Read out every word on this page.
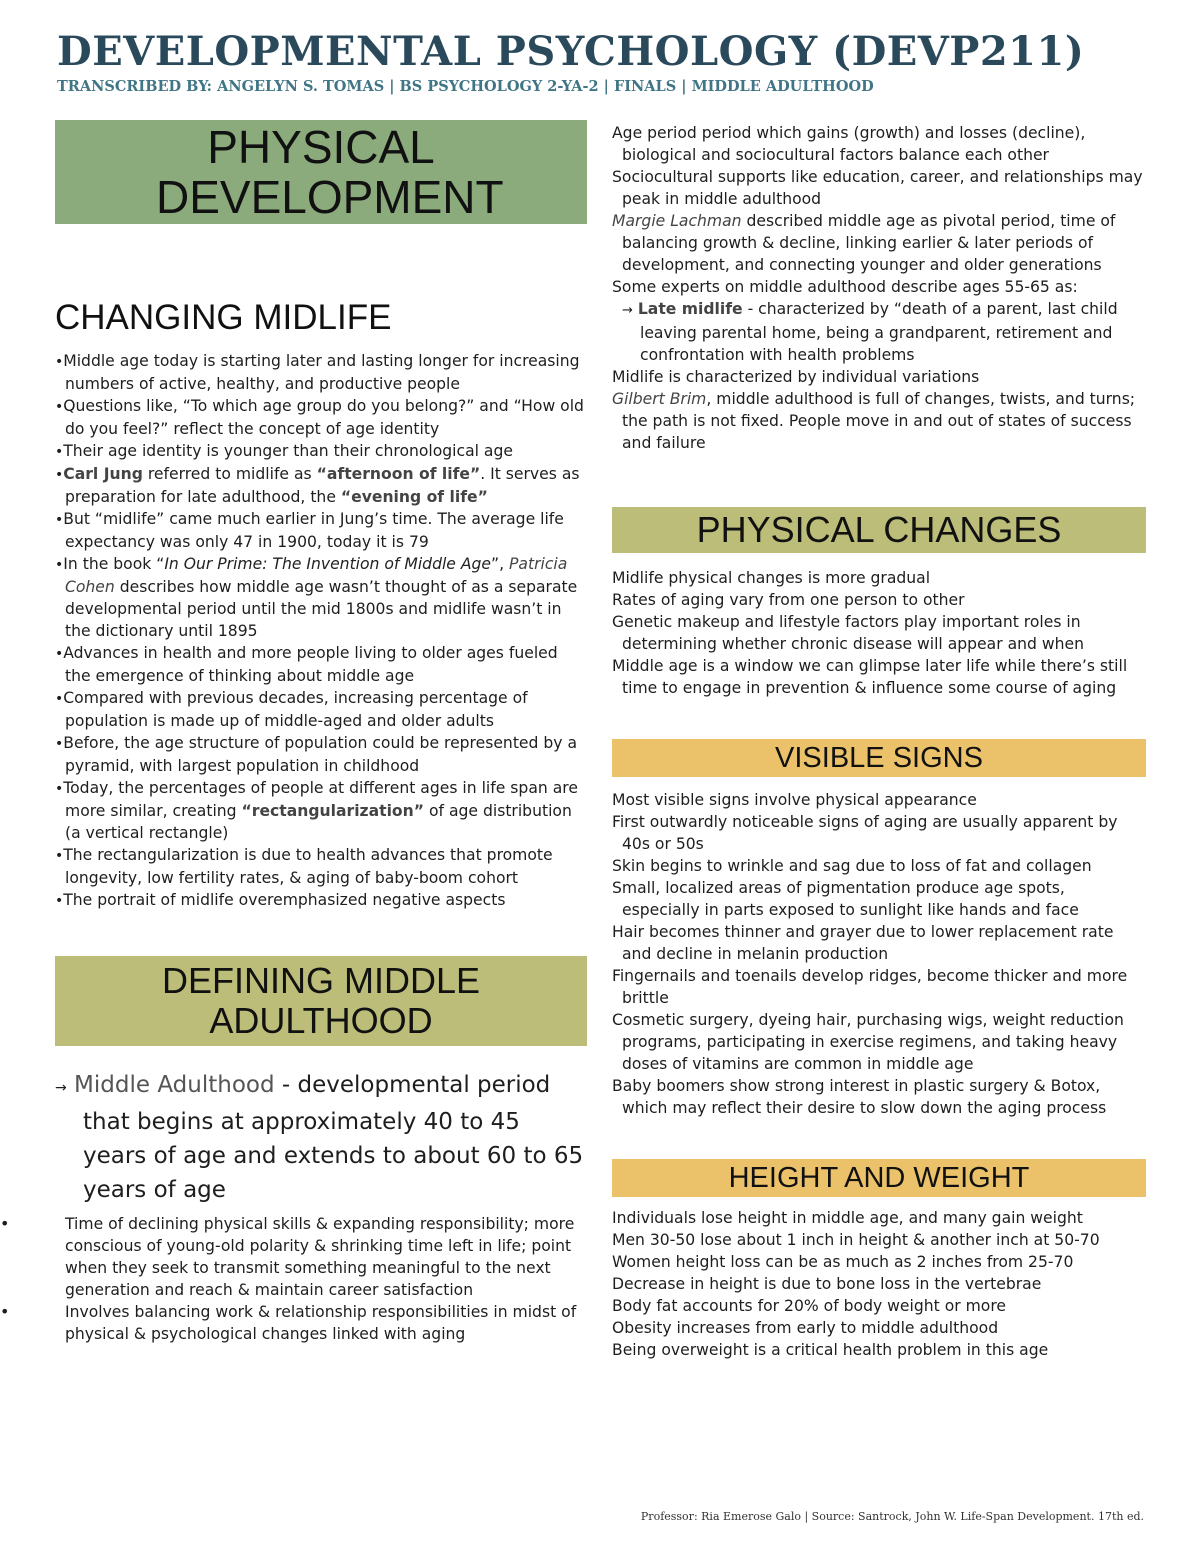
DEVELOPMENTAL PSYCHOLOGY (DEVP211)
TRANSCRIBED BY: ANGELYN S. TOMAS | BS PSYCHOLOGY 2-YA-2 | FINALS | MIDDLE ADULTHOOD
PHYSICAL DEVELOPMENT
CHANGING MIDLIFE

•Middle age today is starting later and lasting longer for increasing numbers of active, healthy, and productive people

•Questions like, “To which age group do you belong?” and “How old do you feel?” reflect the concept of age identity

•Their age identity is younger than their chronological age

•Carl Jung referred to midlife as “afternoon of life”. It serves as preparation for late adulthood, the “evening of life”

•But “midlife” came much earlier in Jung’s time. The average life expectancy was only 47 in 1900, today it is 79

•In the book “In Our Prime: The Invention of Middle Age”, Patricia Cohen describes how middle age wasn’t thought of as a separate developmental period until the mid 1800s and midlife wasn’t in the dictionary until 1895

•Advances in health and more people living to older ages fueled the emergence of thinking about middle age

•Compared with previous decades, increasing percentage of population is made up of middle-aged and older adults

•Before, the age structure of population could be represented by a pyramid, with largest population in childhood

•Today, the percentages of people at different ages in life span are more similar, creating “rectangularization” of age distribution (a vertical rectangle)

•The rectangularization is due to health advances that promote longevity, low fertility rates, & aging of baby-boom cohort

•The portrait of midlife overemphasized negative aspects

DEFINING MIDDLE ADULTHOOD

→ Middle Adulthood - developmental period that begins at approximately 40 to 45 years of age and extends to about 60 to 65 years of age

•	Time of declining physical skills & expanding responsibility; more conscious of young-old polarity & shrinking time left in life; point when they seek to transmit something meaningful to the next generation and reach & maintain career satisfaction

•	Involves balancing work & relationship responsibilities in midst of physical & psychological changes linked with aging

Age period period which gains (growth) and losses (decline), biological and sociocultural factors balance each other

Sociocultural supports like education, career, and relationships may peak in middle adulthood

Margie Lachman described middle age as pivotal period, time of balancing growth & decline, linking earlier & later periods of development, and connecting younger and older generations

Some experts on middle adulthood describe ages 55-65 as:

→ Late midlife - characterized by “death of a parent, last child leaving parental home, being a grandparent, retirement and confrontation with health problems

Midlife is characterized by individual variations

Gilbert Brim, middle adulthood is full of changes, twists, and turns; the path is not fixed. People move in and out of states of success and failure

PHYSICAL CHANGES

Midlife physical changes is more gradual

Rates of aging vary from one person to other

Genetic makeup and lifestyle factors play important roles in determining whether chronic disease will appear and when

Middle age is a window we can glimpse later life while there’s still time to engage in prevention & influence some course of aging

VISIBLE SIGNS

Most visible signs involve physical appearance

First outwardly noticeable signs of aging are usually apparent by 40s or 50s

Skin begins to wrinkle and sag due to loss of fat and collagen

Small, localized areas of pigmentation produce age spots, especially in parts exposed to sunlight like hands and face

Hair becomes thinner and grayer due to lower replacement rate and decline in melanin production

Fingernails and toenails develop ridges, become thicker and more brittle

Cosmetic surgery, dyeing hair, purchasing wigs, weight reduction programs, participating in exercise regimens, and taking heavy doses of vitamins are common in middle age

Baby boomers show strong interest in plastic surgery & Botox, which may reflect their desire to slow down the aging process

HEIGHT AND WEIGHT

Individuals lose height in middle age, and many gain weight

Men 30-50 lose about 1 inch in height & another inch at 50-70

Women height loss can be as much as 2 inches from 25-70

Decrease in height is due to bone loss in the vertebrae

Body fat accounts for 20% of body weight or more

Obesity increases from early to middle adulthood

Being overweight is a critical health problem in this age

Professor: Ria Emerose Galo | Source: Santrock, John W. Life-Span Development. 17th ed.
